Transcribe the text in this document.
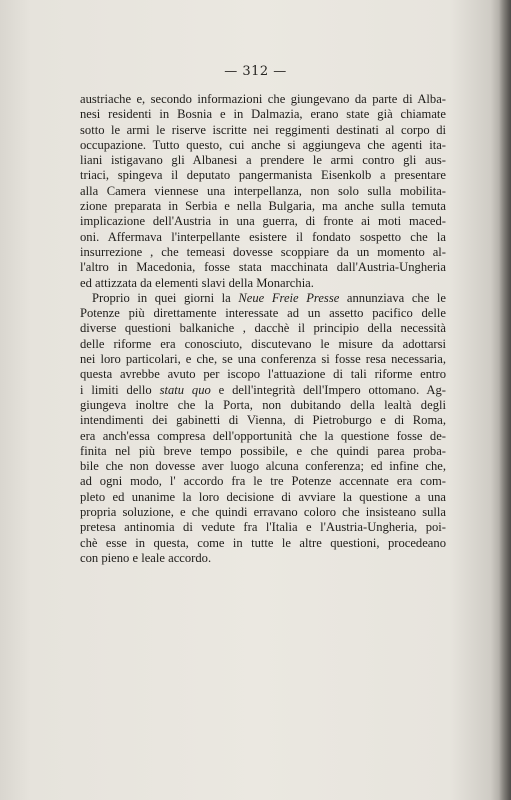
— 312 —
austriache e, secondo informazioni che giungevano da parte di Alba-
nesi residenti in Bosnia e in Dalmazia, erano state già chiamate
sotto le armi le riserve iscritte nei reggimenti destinati al corpo di
occupazione. Tutto questo, cui anche si aggiungeva che agenti ita-
liani istigavano gli Albanesi a prendere le armi contro gli aus-
triaci, spingeva il deputato pangermanista Eisenkolb a presentare
alla Camera viennese una interpellanza, non solo sulla mobilita-
zione preparata in Serbia e nella Bulgaria, ma anche sulla temuta
implicazione dell'Austria in una guerra, di fronte ai moti maced-
oni. Affermava l'interpellante esistere il fondato sospetto che la
insurrezione , che temeasi dovesse scoppiare da un momento al-
l'altro in Macedonia, fosse stata macchinata dall'Austria-Ungheria
ed attizzata da elementi slavi della Monarchia.
Proprio in quei giorni la Neue Freie Presse annunziava che le
Potenze più direttamente interessate ad un assetto pacifico delle
diverse questioni balkaniche , dacchè il principio della necessità
delle riforme era conosciuto, discutevano le misure da adottarsi
nei loro particolari, e che, se una conferenza si fosse resa necessaria,
questa avrebbe avuto per iscopo l'attuazione di tali riforme entro
i limiti dello statu quo e dell'integrità dell'Impero ottomano. Ag-
giungeva inoltre che la Porta, non dubitando della lealtà degli
intendimenti dei gabinetti di Vienna, di Pietroburgo e di Roma,
era anch'essa compresa dell'opportunità che la questione fosse de-
finita nel più breve tempo possibile, e che quindi parea proba-
bile che non dovesse aver luogo alcuna conferenza; ed infine che,
ad ogni modo, l' accordo fra le tre Potenze accennate era com-
pleto ed unanime la loro decisione di avviare la questione a una
propria soluzione, e che quindi erravano coloro che insisteano sulla
pretesa antinomia di vedute fra l'Italia e l'Austria-Ungheria, poi-
chè esse in questa, come in tutte le altre questioni, procedeano
con pieno e leale accordo.
